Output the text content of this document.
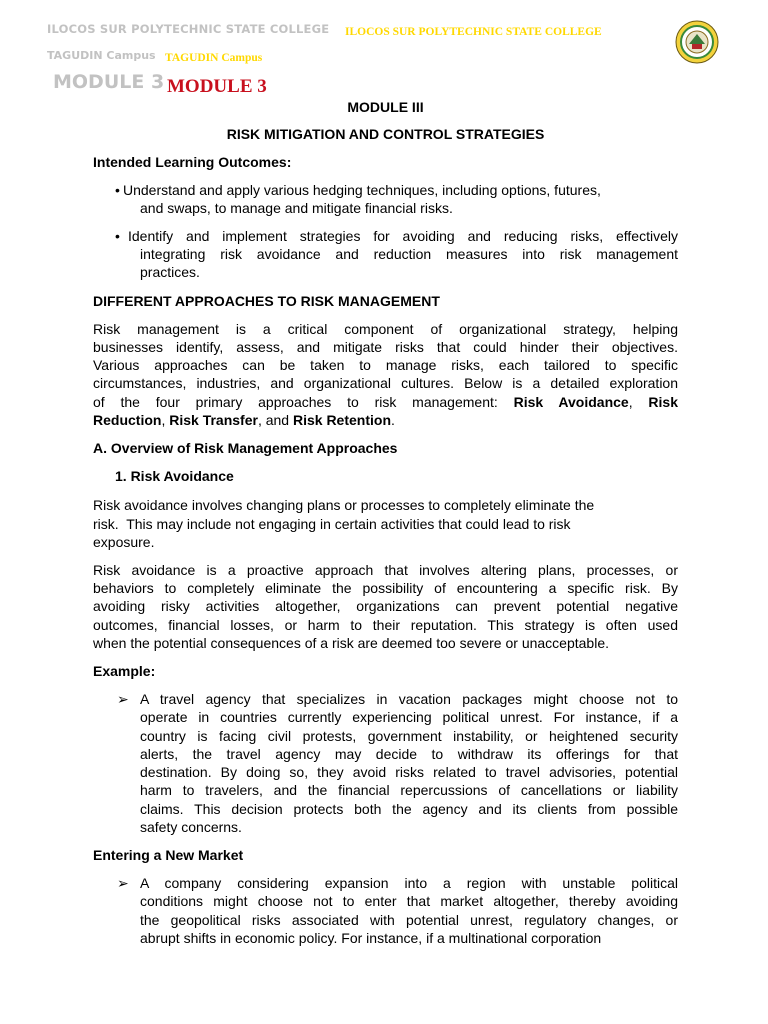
ILOCOS SUR POLYTECHNIC STATE COLLEGE ILOCOS SUR POLYTECHNIC STATE COLLEGE
TAGUDIN Campus TAGUDIN Campus
MODULE 3 MODULE 3
MODULE III
RISK MITIGATION AND CONTROL STRATEGIES
Intended Learning Outcomes:
• Understand and apply various hedging techniques, including options, futures,
and swaps, to manage and mitigate financial risks.
• Identify and implement strategies for avoiding and reducing risks, effectively
integrating risk avoidance and reduction measures into risk management
practices.
DIFFERENT APPROACHES TO RISK MANAGEMENT
Risk management is a critical component of organizational strategy, helping
businesses identify, assess, and mitigate risks that could hinder their objectives.
Various approaches can be taken to manage risks, each tailored to specific
circumstances, industries, and organizational cultures. Below is a detailed exploration
of the four primary approaches to risk management: Risk Avoidance, Risk
Reduction, Risk Transfer, and Risk Retention.
A. Overview of Risk Management Approaches
1. Risk Avoidance
Risk avoidance involves changing plans or processes to completely eliminate the
risk.  This may include not engaging in certain activities that could lead to risk
exposure.
Risk avoidance is a proactive approach that involves altering plans, processes, or
behaviors to completely eliminate the possibility of encountering a specific risk. By
avoiding risky activities altogether, organizations can prevent potential negative
outcomes, financial losses, or harm to their reputation. This strategy is often used
when the potential consequences of a risk are deemed too severe or unacceptable.
Example:
➢ A travel agency that specializes in vacation packages might choose not to
operate in countries currently experiencing political unrest. For instance, if a
country is facing civil protests, government instability, or heightened security
alerts, the travel agency may decide to withdraw its offerings for that
destination. By doing so, they avoid risks related to travel advisories, potential
harm to travelers, and the financial repercussions of cancellations or liability
claims. This decision protects both the agency and its clients from possible
safety concerns.
Entering a New Market
➢ A company considering expansion into a region with unstable political
conditions might choose not to enter that market altogether, thereby avoiding
the geopolitical risks associated with potential unrest, regulatory changes, or
abrupt shifts in economic policy. For instance, if a multinational corporation
